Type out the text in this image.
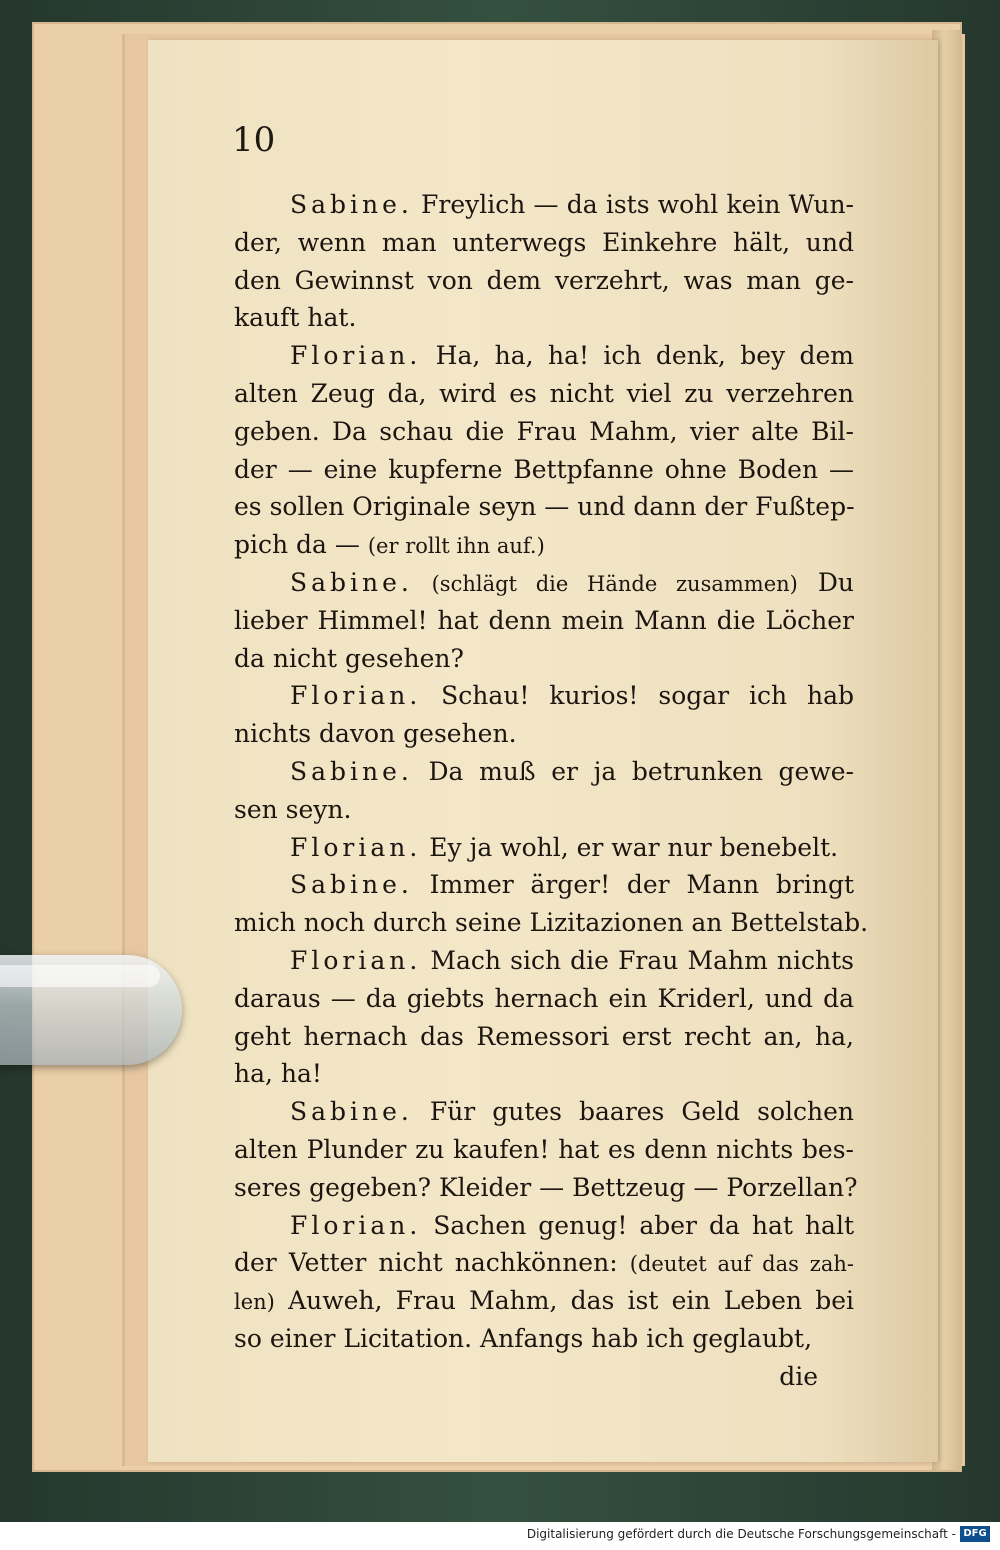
10
Sabine. Freylich — da ists wohl kein Wun-
der, wenn man unterwegs Einkehre hält, und
den Gewinnst von dem verzehrt, was man ge-
kauft hat.
Florian. Ha, ha, ha! ich denk, bey dem
alten Zeug da, wird es nicht viel zu verzehren
geben. Da schau die Frau Mahm, vier alte Bil-
der — eine kupferne Bettpfanne ohne Boden —
es sollen Originale seyn — und dann der Fußtep-
pich da — (er rollt ihn auf.)
Sabine. (schlägt die Hände zusammen) Du
lieber Himmel! hat denn mein Mann die Löcher
da nicht gesehen?
Florian. Schau! kurios! sogar ich hab
nichts davon gesehen.
Sabine. Da muß er ja betrunken gewe-
sen seyn.
Florian. Ey ja wohl, er war nur benebelt.
Sabine. Immer ärger! der Mann bringt
mich noch durch seine Lizitazionen an Bettelstab.
Florian. Mach sich die Frau Mahm nichts
daraus — da giebts hernach ein Kriderl, und da
geht hernach das Remessori erst recht an, ha,
ha, ha!
Sabine. Für gutes baares Geld solchen
alten Plunder zu kaufen! hat es denn nichts bes-
seres gegeben? Kleider — Bettzeug — Porzellan?
Florian. Sachen genug! aber da hat halt
der Vetter nicht nachkönnen: (deutet auf das zah-
len) Auweh, Frau Mahm, das ist ein Leben bei
so einer Licitation. Anfangs hab ich geglaubt,
die
Digitalisierung gefördert durch die Deutsche Forschungsgemeinschaft - DFG
